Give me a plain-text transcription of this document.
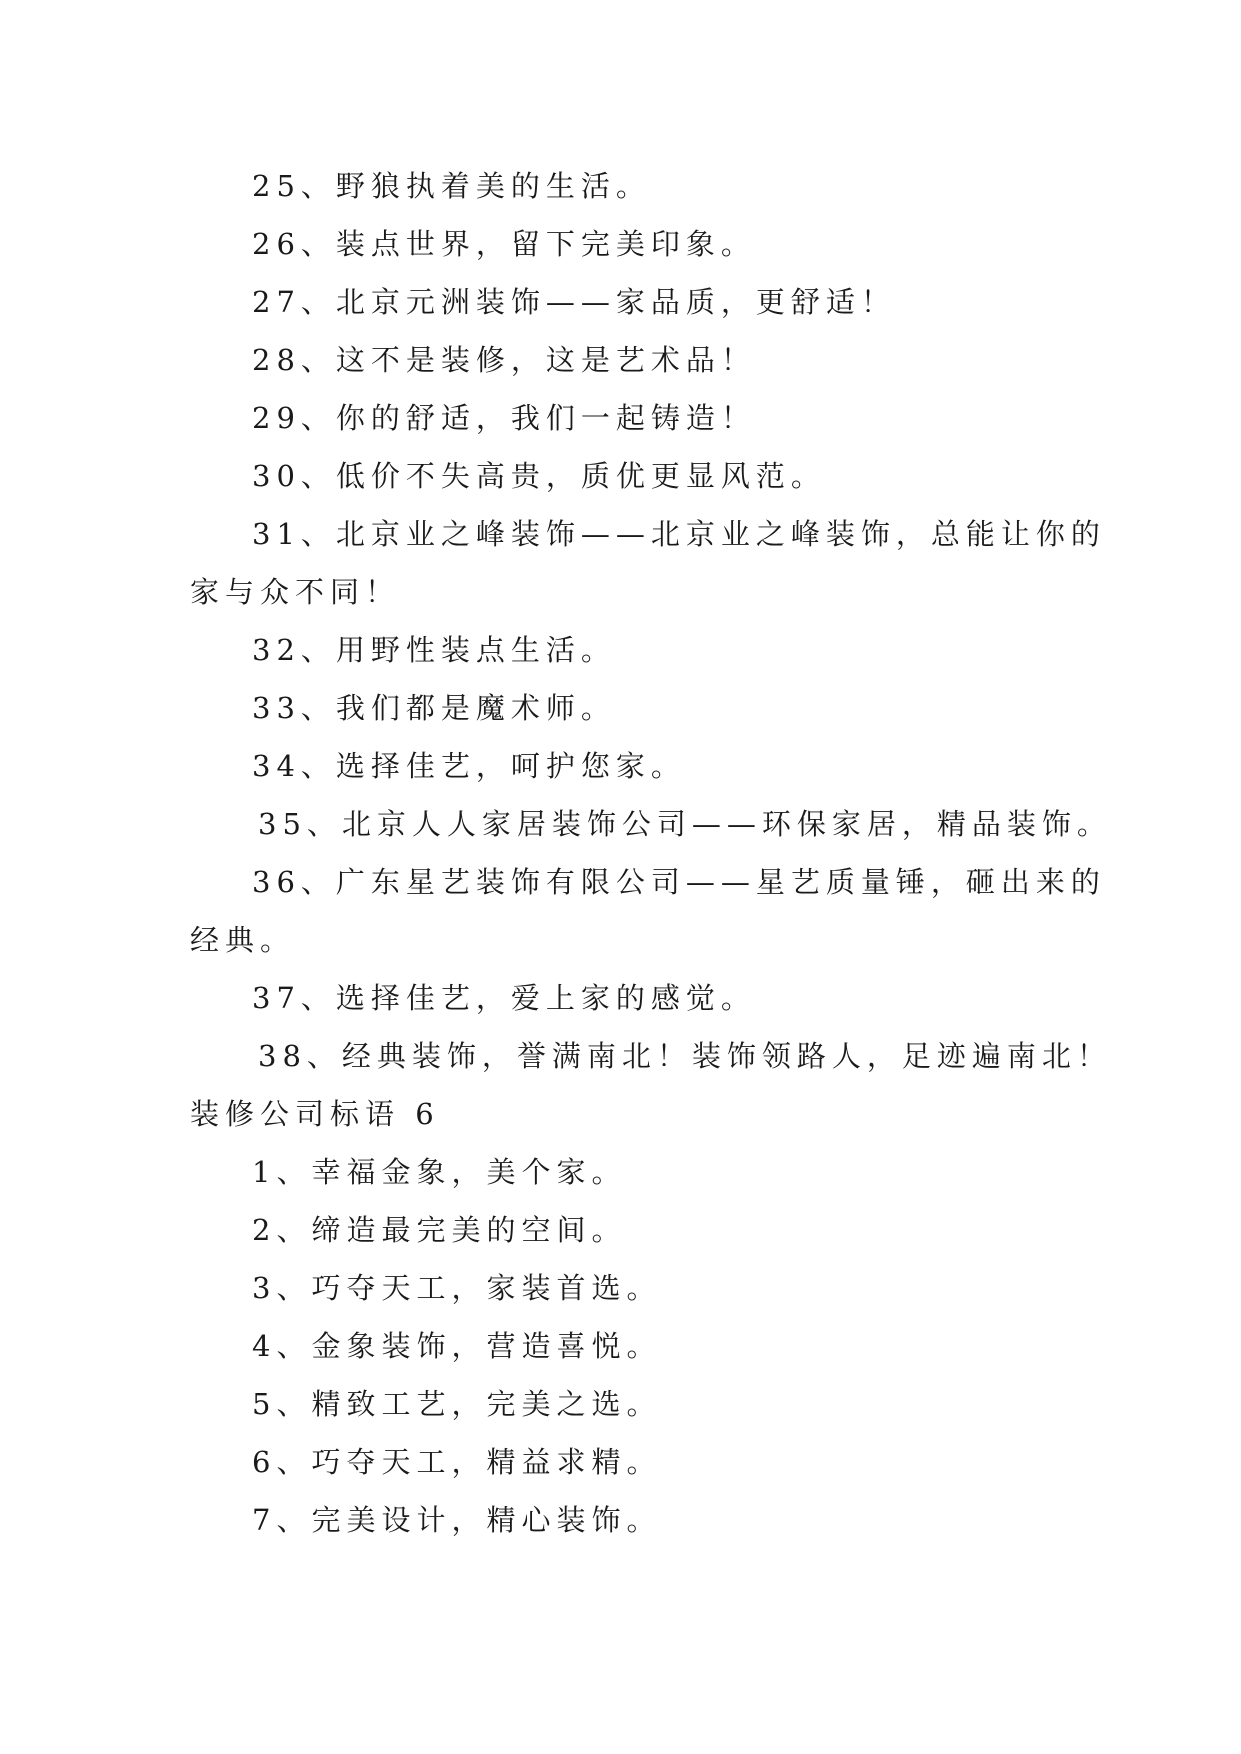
25、野狼执着美的生活。
26、装点世界，留下完美印象。
27、北京元洲装饰——家品质，更舒适！
28、这不是装修，这是艺术品！
29、你的舒适，我们一起铸造！
30、低价不失高贵，质优更显风范。
31、北京业之峰装饰——北京业之峰装饰，总能让你的
家与众不同！
32、用野性装点生活。
33、我们都是魔术师。
34、选择佳艺，呵护您家。
35、北京人人家居装饰公司——环保家居，精品装饰。
36、广东星艺装饰有限公司——星艺质量锤，砸出来的
经典。
37、选择佳艺，爱上家的感觉。
38、经典装饰，誉满南北！装饰领路人，足迹遍南北！
装修公司标语 6
1、幸福金象，美个家。
2、缔造最完美的空间。
3、巧夺天工，家装首选。
4、金象装饰，营造喜悦。
5、精致工艺，完美之选。
6、巧夺天工，精益求精。
7、完美设计，精心装饰。
